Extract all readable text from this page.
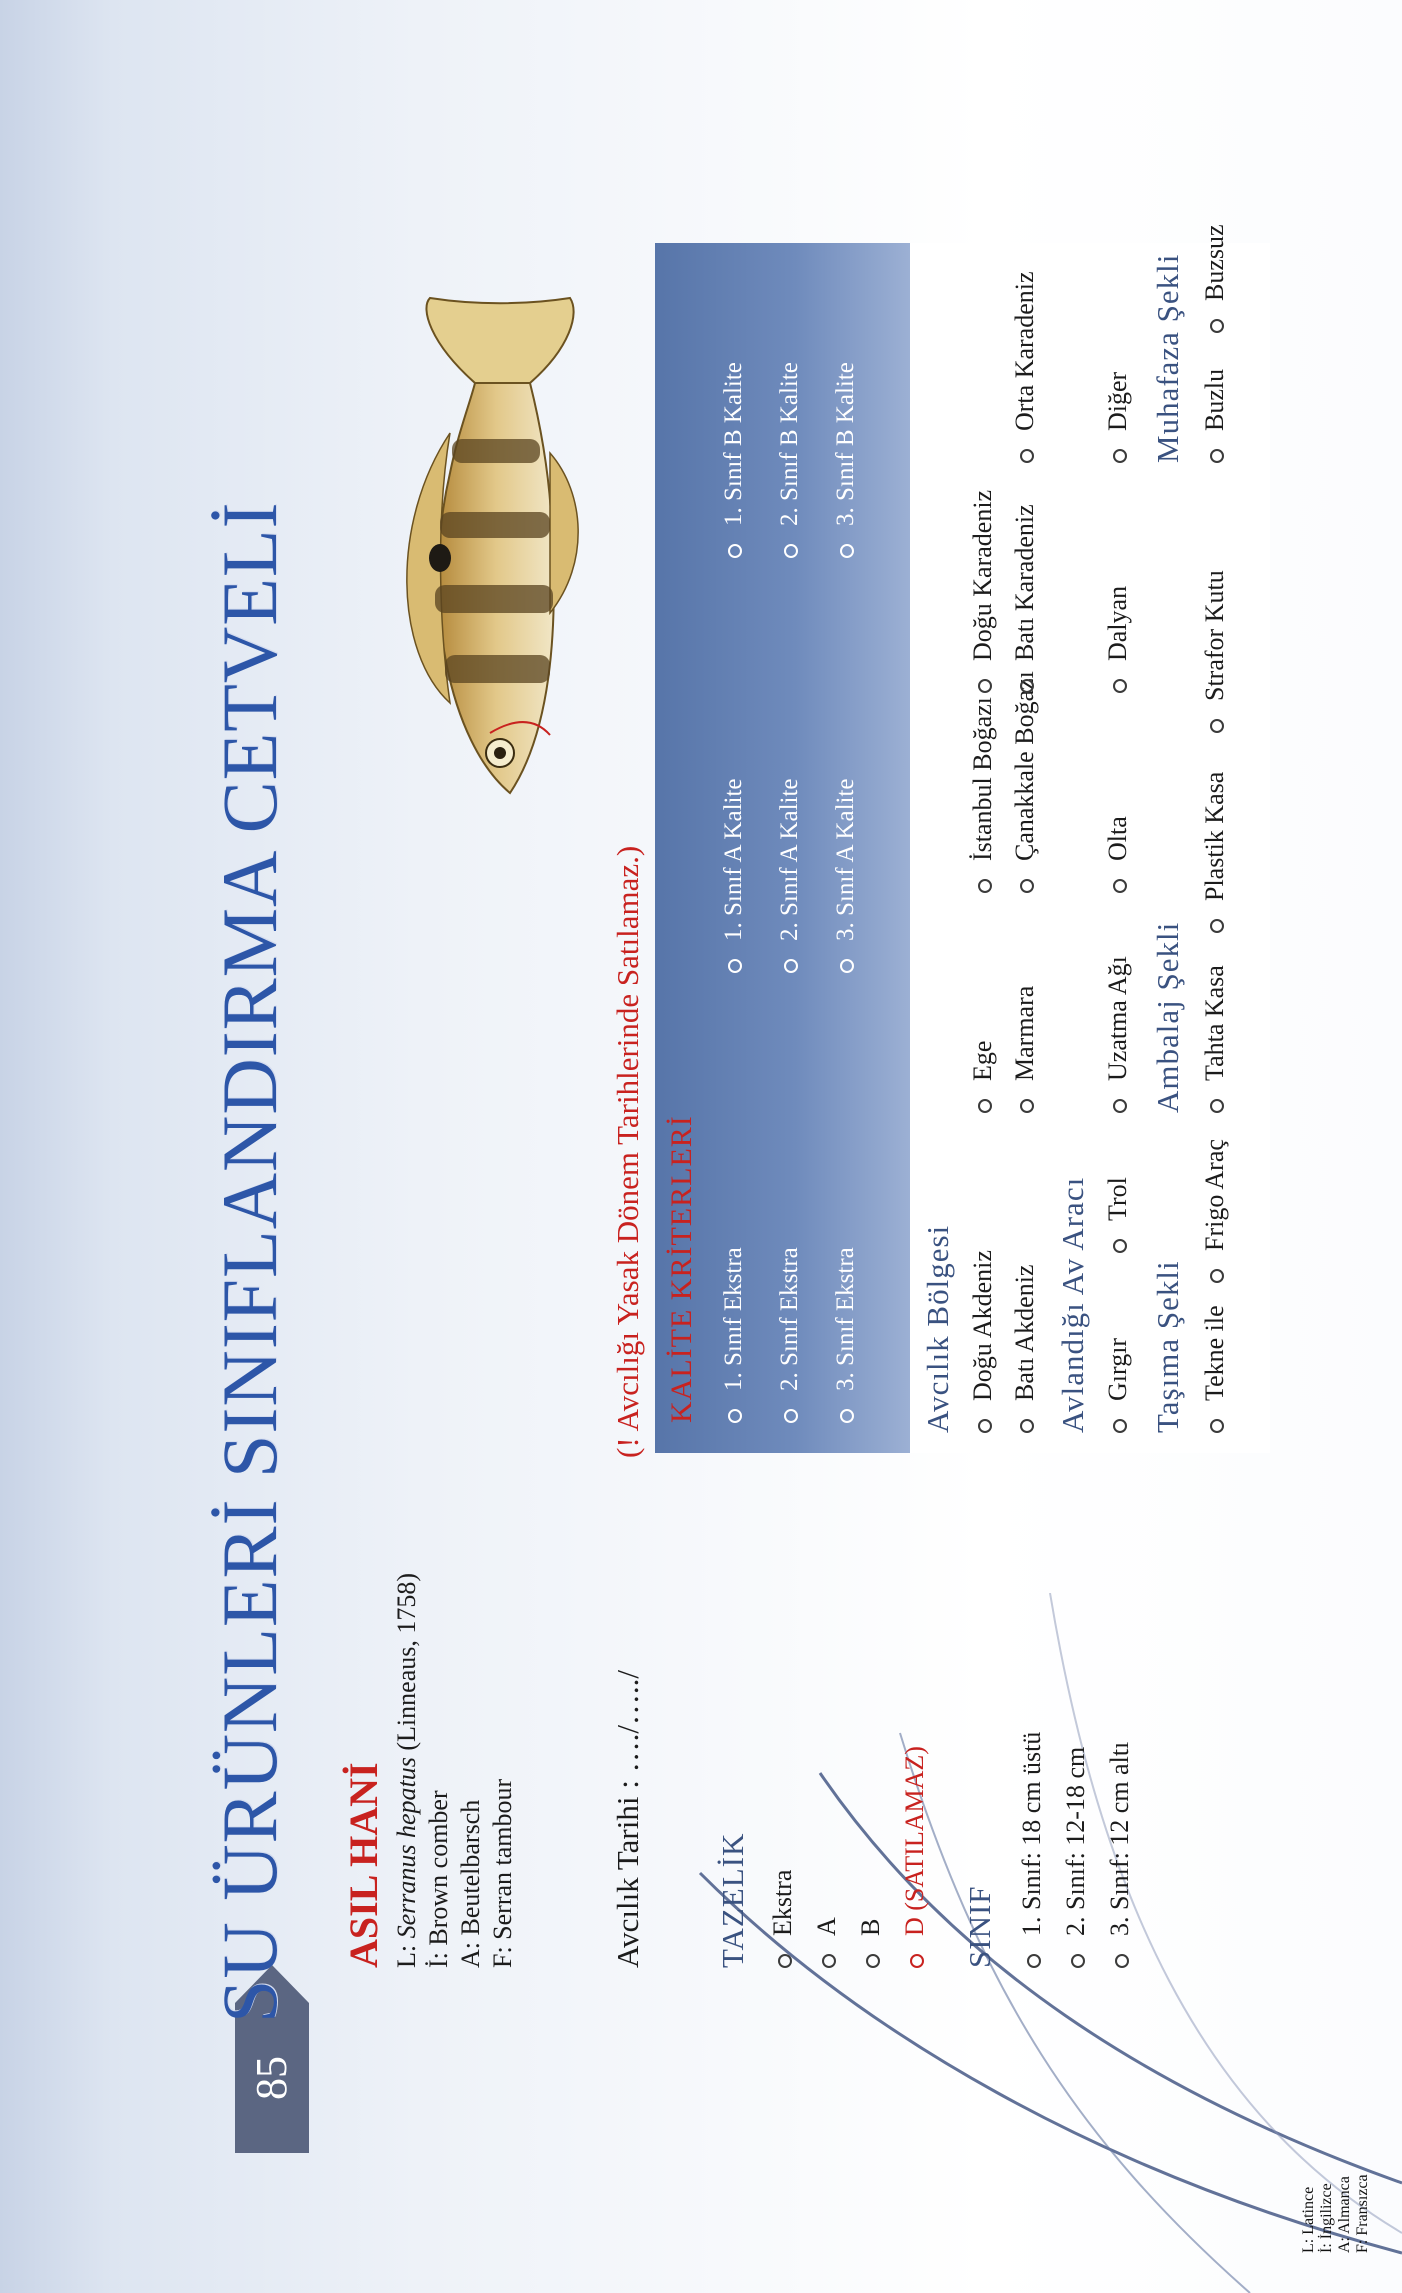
85
SU ÜRÜNLERİ SINIFLANDIRMA CETVELİ ASIL HANİ L: Serranus hepatus (Linneaus, 1758)
İ: Brown comber A: Beutelbarsch F: Serran tambour	Avcılık Tarihi : …./…../
(! Avcılığı Yasak Dönem Tarihlerinde Satılamaz.)
TAZELİK Ekstra A B D (SATILAMAZ) SINIF 1. Sınıf: 18 cm üstü 2. Sınıf: 12-18 cm 3. Sınıf: 12 cm altı
KALİTE KRİTERLERİ 1. Sınıf Ekstra 2. Sınıf Ekstra 3. Sınıf Ekstra
1. Sınıf A Kalite 2. Sınıf A Kalite 3. Sınıf A Kalite
1. Sınıf B Kalite 2. Sınıf B Kalite 3. Sınıf B Kalite
Avcılık Bölgesi Doğu Akdeniz
Ege
İstanbul Boğazı
Doğu Karadeniz
Batı Akdeniz
Marmara
Çanakkale Boğazı
Batı Karadeniz
Orta Karadeniz
Avlandığı Av Aracı Gırgır
Trol
Uzatma Ağı
Olta
Dalyan
Diğer
Taşıma Şekli
Ambalaj Şekli
Muhafaza Şekli
Tekne ile
Frigo Araç
Tahta Kasa
Plastik Kasa
Strafor Kutu
Buzlu
Buzsuz
L: Latince İ: İngilizce A: Almanca F: Fransızca
